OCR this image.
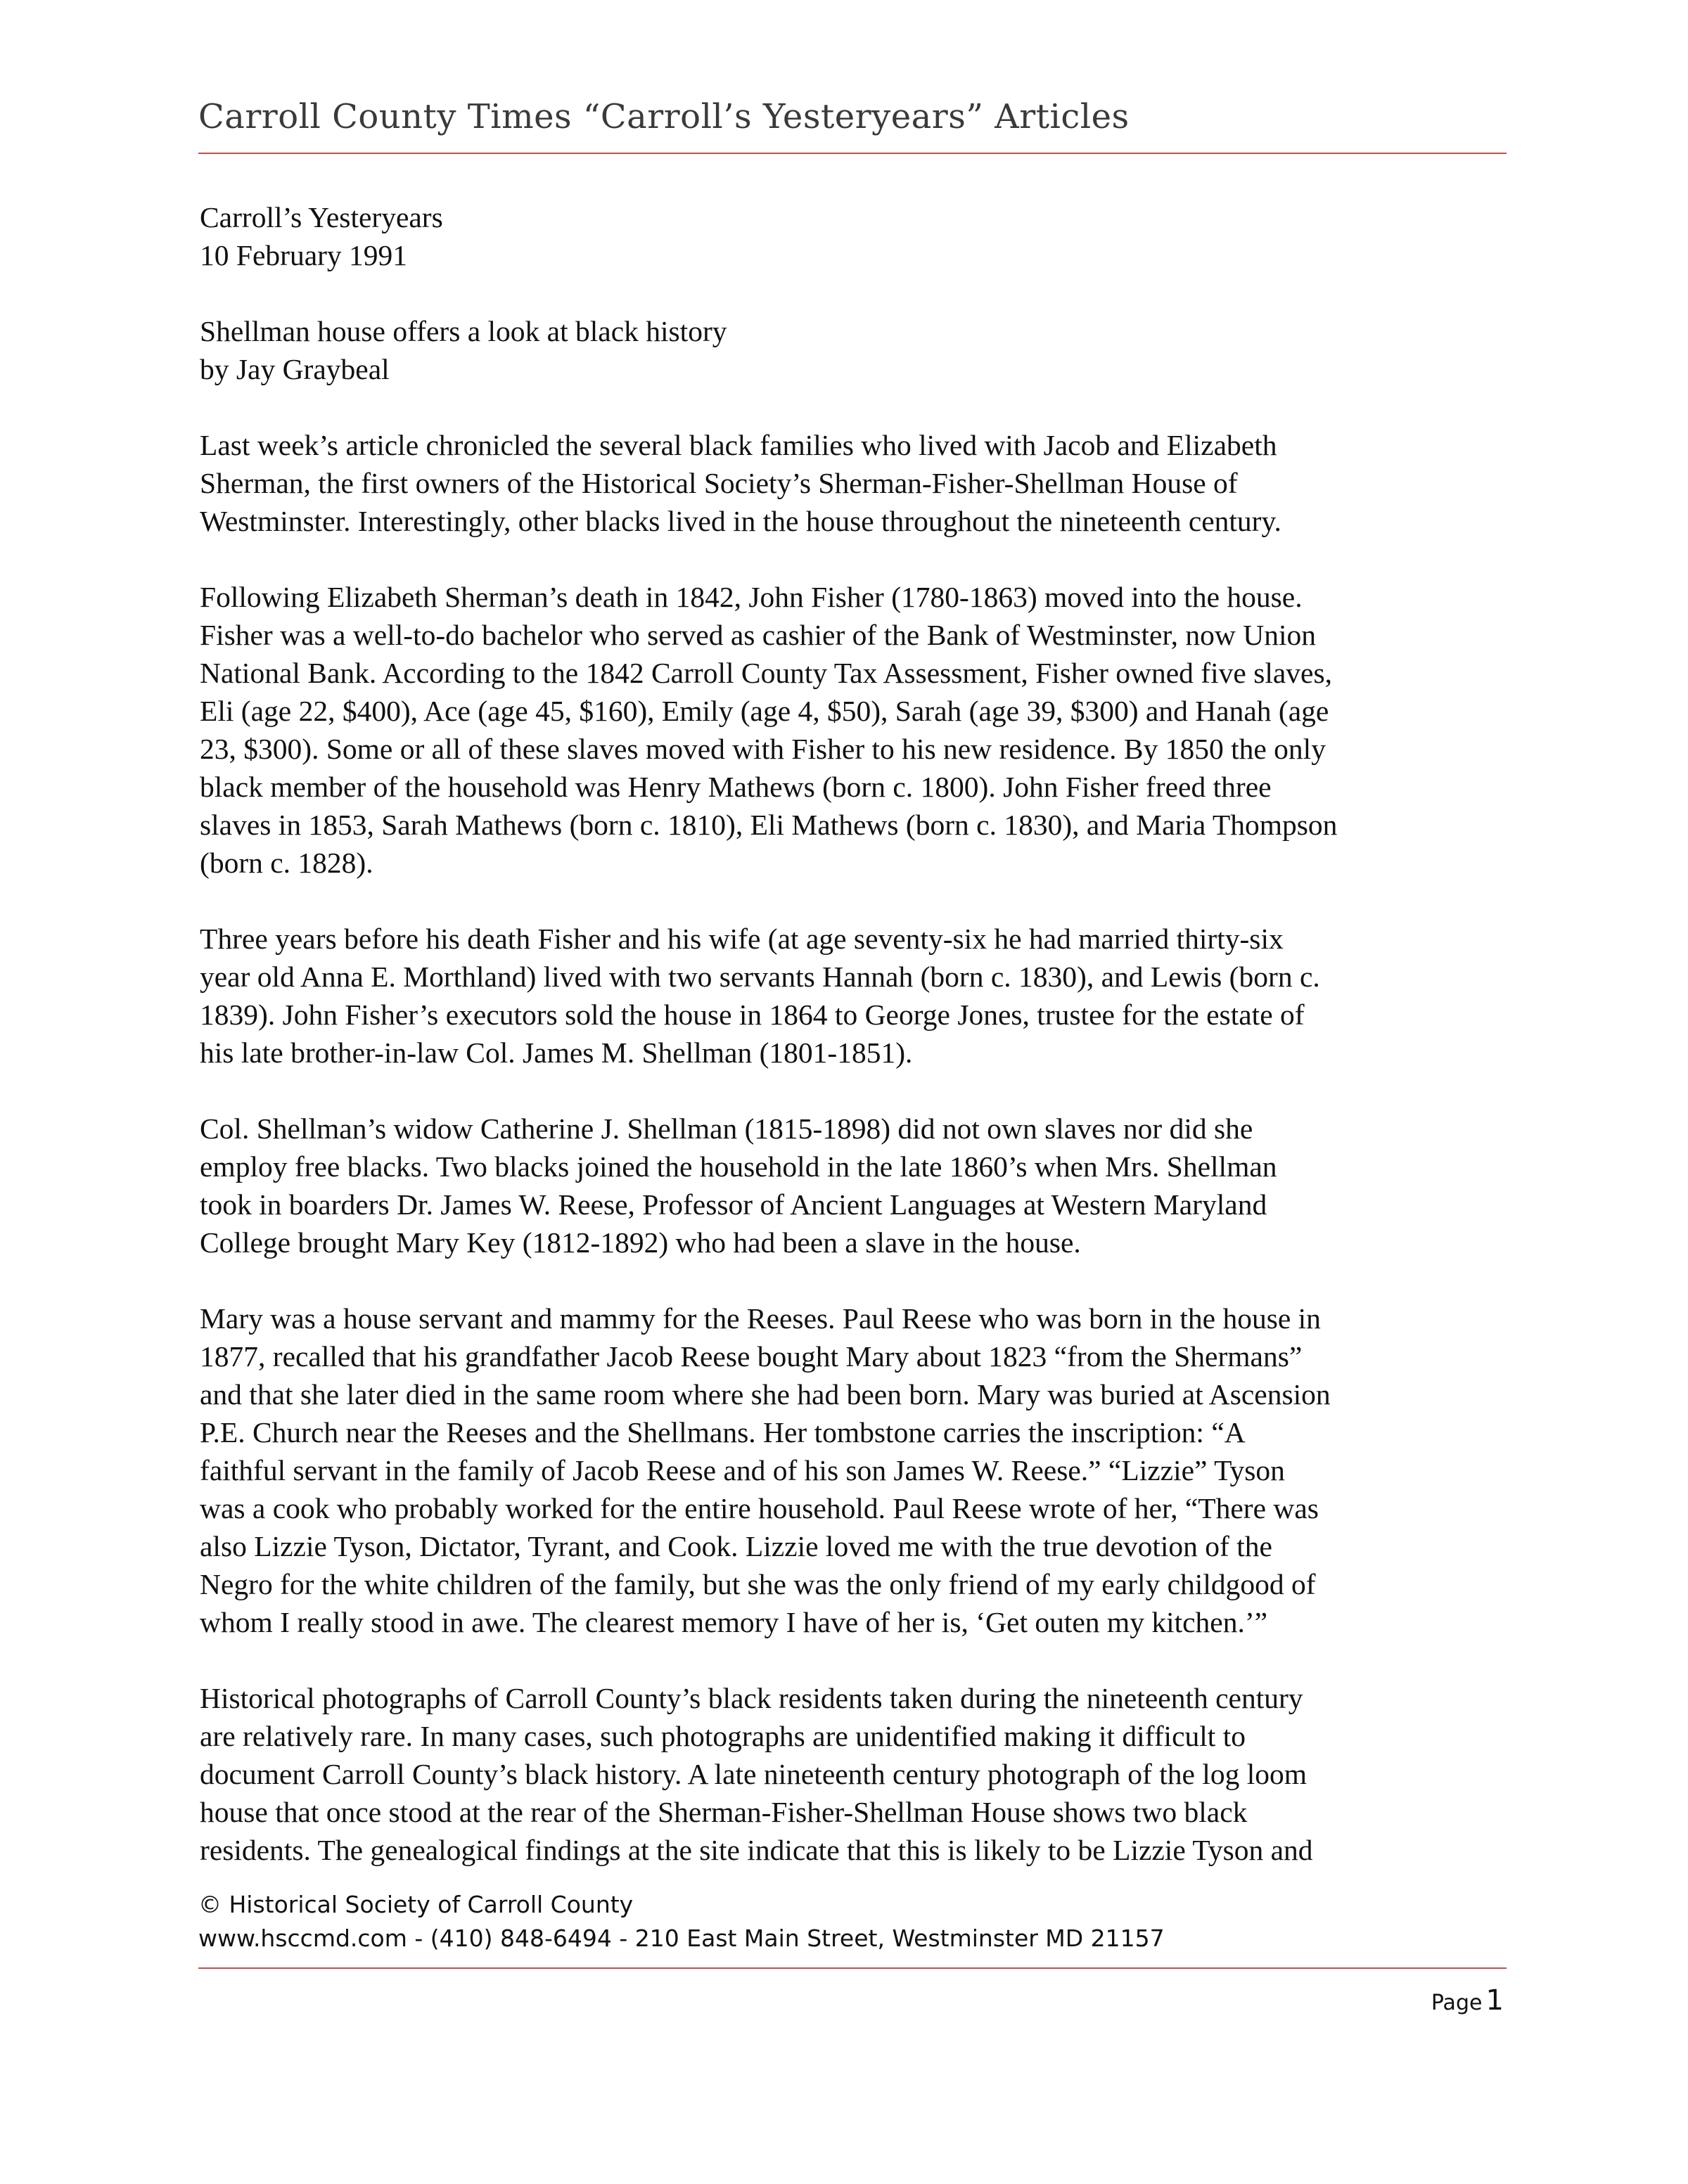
Carroll County Times “Carroll’s Yesteryears” Articles

Carroll’s Yesteryears
10 February 1991

Shellman house offers a look at black history
by Jay Graybeal

Last week’s article chronicled the several black families who lived with Jacob and Elizabeth
Sherman, the first owners of the Historical Society’s Sherman-Fisher-Shellman House of
Westminster. Interestingly, other blacks lived in the house throughout the nineteenth century.

Following Elizabeth Sherman’s death in 1842, John Fisher (1780-1863) moved into the house.
Fisher was a well-to-do bachelor who served as cashier of the Bank of Westminster, now Union
National Bank. According to the 1842 Carroll County Tax Assessment, Fisher owned five slaves,
Eli (age 22, $400), Ace (age 45, $160), Emily (age 4, $50), Sarah (age 39, $300) and Hanah (age
23, $300). Some or all of these slaves moved with Fisher to his new residence. By 1850 the only
black member of the household was Henry Mathews (born c. 1800). John Fisher freed three
slaves in 1853, Sarah Mathews (born c. 1810), Eli Mathews (born c. 1830), and Maria Thompson
(born c. 1828).

Three years before his death Fisher and his wife (at age seventy-six he had married thirty-six
year old Anna E. Morthland) lived with two servants Hannah (born c. 1830), and Lewis (born c.
1839). John Fisher’s executors sold the house in 1864 to George Jones, trustee for the estate of
his late brother-in-law Col. James M. Shellman (1801-1851).

Col. Shellman’s widow Catherine J. Shellman (1815-1898) did not own slaves nor did she
employ free blacks. Two blacks joined the household in the late 1860’s when Mrs. Shellman
took in boarders Dr. James W. Reese, Professor of Ancient Languages at Western Maryland
College brought Mary Key (1812-1892) who had been a slave in the house.

Mary was a house servant and mammy for the Reeses. Paul Reese who was born in the house in
1877, recalled that his grandfather Jacob Reese bought Mary about 1823 “from the Shermans”
and that she later died in the same room where she had been born. Mary was buried at Ascension
P.E. Church near the Reeses and the Shellmans. Her tombstone carries the inscription: “A
faithful servant in the family of Jacob Reese and of his son James W. Reese.” “Lizzie” Tyson
was a cook who probably worked for the entire household. Paul Reese wrote of her, “There was
also Lizzie Tyson, Dictator, Tyrant, and Cook. Lizzie loved me with the true devotion of the
Negro for the white children of the family, but she was the only friend of my early childgood of
whom I really stood in awe. The clearest memory I have of her is, ‘Get outen my kitchen.’”

Historical photographs of Carroll County’s black residents taken during the nineteenth century
are relatively rare. In many cases, such photographs are unidentified making it difficult to
document Carroll County’s black history. A late nineteenth century photograph of the log loom
house that once stood at the rear of the Sherman-Fisher-Shellman House shows two black
residents. The genealogical findings at the site indicate that this is likely to be Lizzie Tyson and

© Historical Society of Carroll County
www.hsccmd.com - (410) 848-6494 - 210 East Main Street, Westminster MD 21157
Page 1
